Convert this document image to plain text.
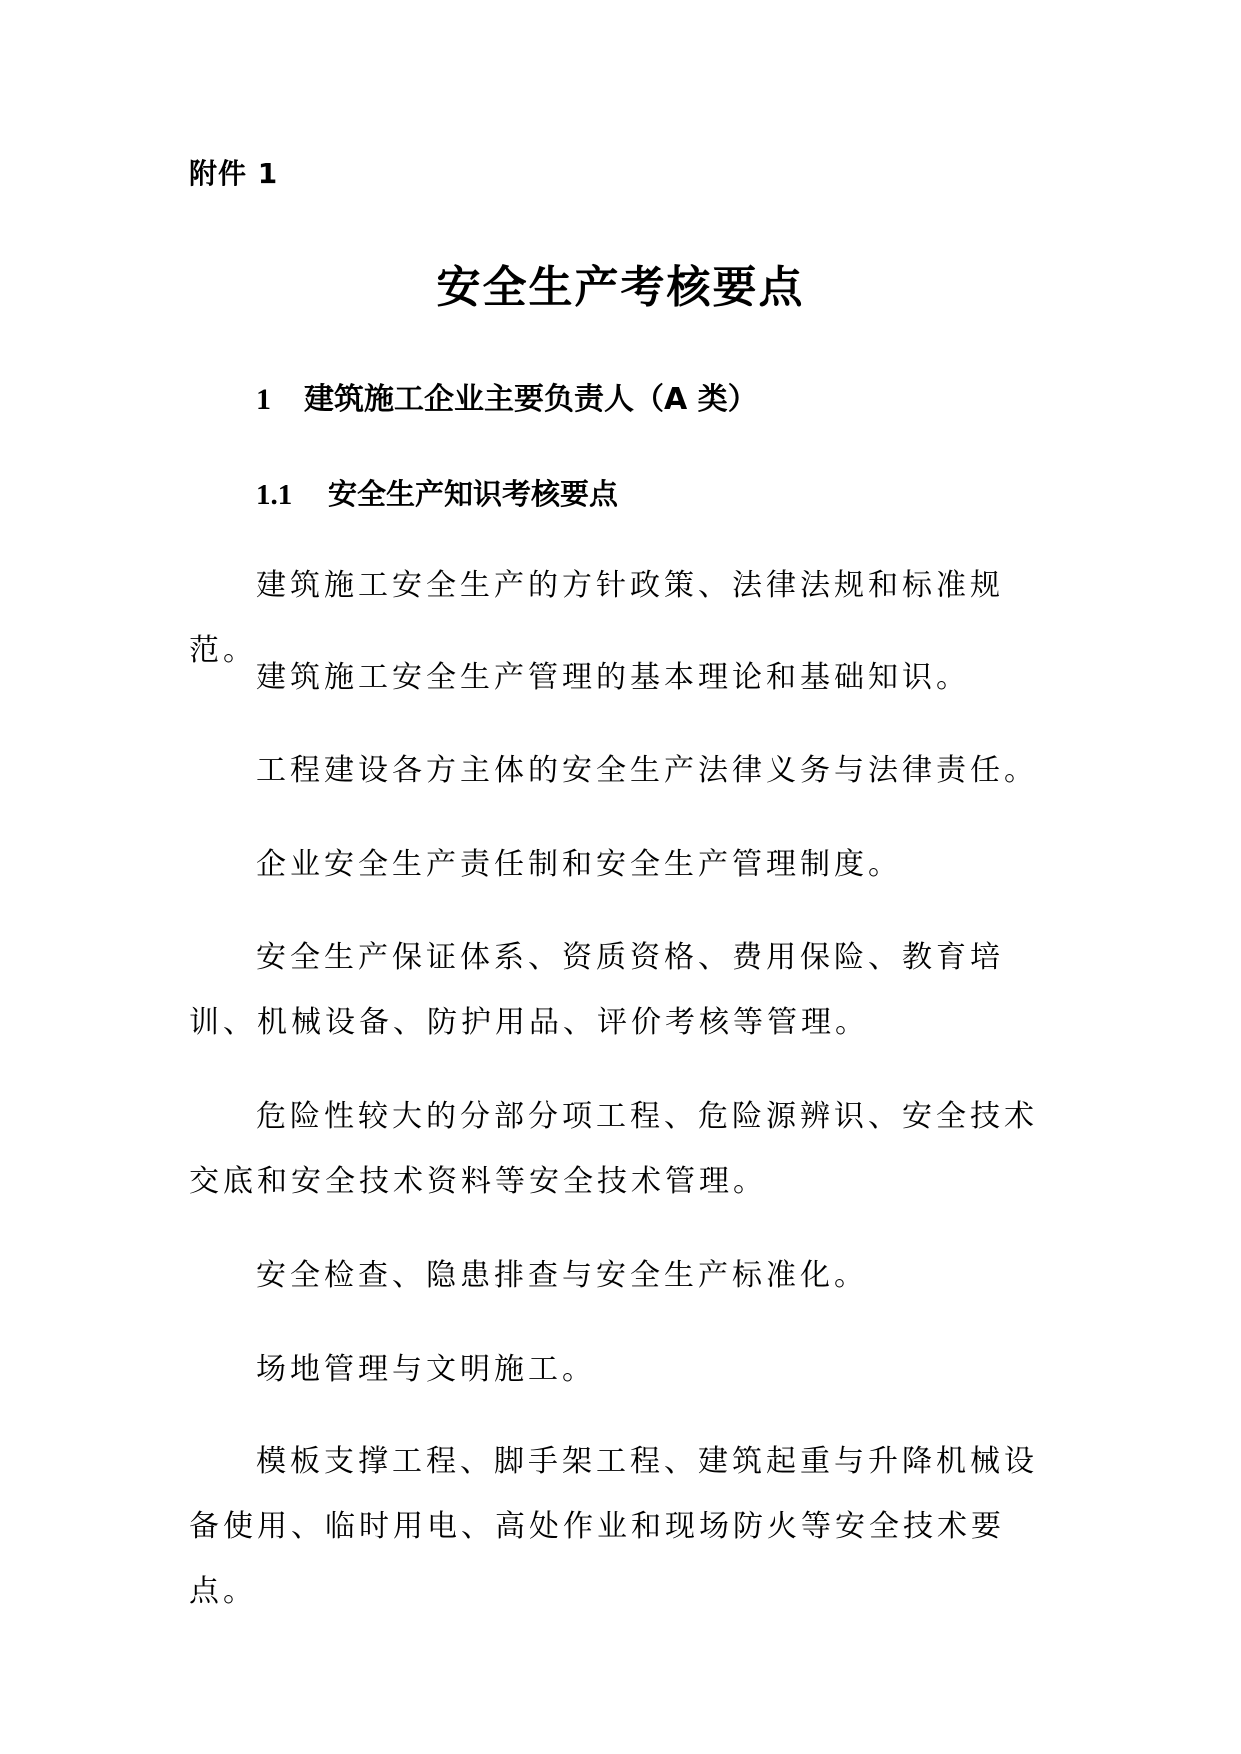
附件 1
安全生产考核要点
1 建筑施工企业主要负责人（A 类）
1.1 安全生产知识考核要点
建筑施工安全生产的方针政策、法律法规和标准规范。
建筑施工安全生产管理的基本理论和基础知识。
工程建设各方主体的安全生产法律义务与法律责任。
企业安全生产责任制和安全生产管理制度。
安全生产保证体系、资质资格、费用保险、教育培训、机械设备、防护用品、评价考核等管理。
危险性较大的分部分项工程、危险源辨识、安全技术交底和安全技术资料等安全技术管理。
安全检查、隐患排查与安全生产标准化。
场地管理与文明施工。
模板支撑工程、脚手架工程、建筑起重与升降机械设备使用、临时用电、高处作业和现场防火等安全技术要点。
